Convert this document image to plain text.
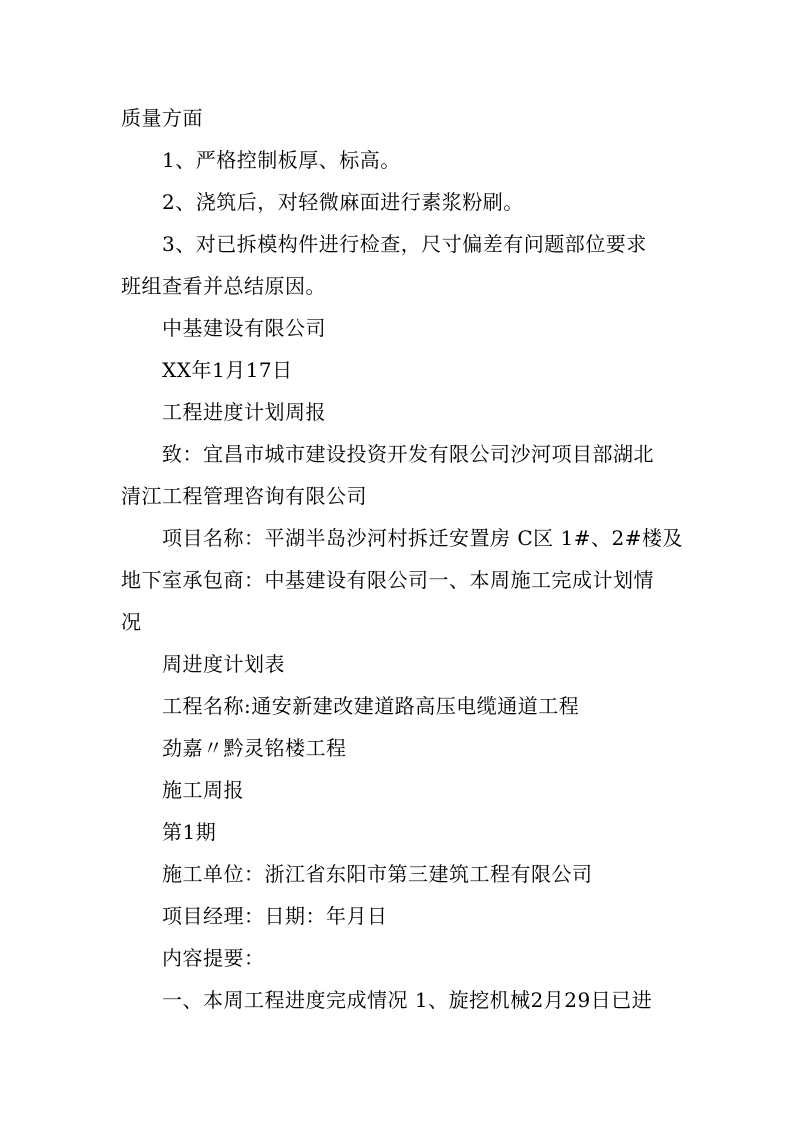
质量方面
1、严格控制板厚、标高。
2、浇筑后，对轻微麻面进行素浆粉刷。
3、对已拆模构件进行检查，尺寸偏差有问题部位要求
班组查看并总结原因。
中基建设有限公司
XX年1月17日
工程进度计划周报
致：宜昌市城市建设投资开发有限公司沙河项目部湖北
清江工程管理咨询有限公司
项目名称：平湖半岛沙河村拆迁安置房 C区 1#、2#楼及
地下室承包商：中基建设有限公司一、本周施工完成计划情
况
周进度计划表
工程名称:通安新建改建道路高压电缆通道工程
劲嘉〃黔灵铭楼工程
施工周报
第1期
施工单位：浙江省东阳市第三建筑工程有限公司
项目经理：日期：年月日
内容提要：
一、本周工程进度完成情况 1、旋挖机械2月29日已进
